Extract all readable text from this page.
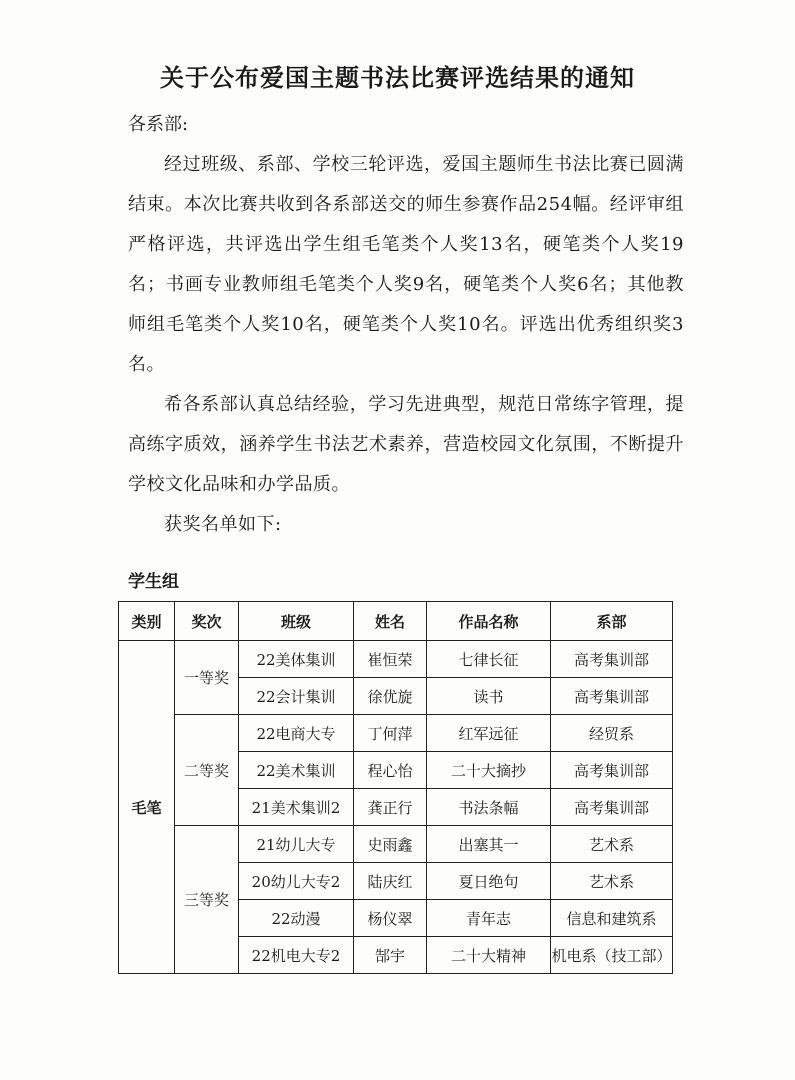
关于公布爱国主题书法比赛评选结果的通知
各系部:

经过班级、系部、学校三轮评选，爱国主题师生书法比赛已圆满结束。本次比赛共收到各系部送交的师生参赛作品254幅。经评审组严格评选，共评选出学生组毛笔类个人奖13名，硬笔类个人奖19名；书画专业教师组毛笔类个人奖9名，硬笔类个人奖6名；其他教师组毛笔类个人奖10名，硬笔类个人奖10名。评选出优秀组织奖3名。

希各系部认真总结经验，学习先进典型，规范日常练字管理，提高练字质效，涵养学生书法艺术素养，营造校园文化氛围，不断提升学校文化品味和办学品质。

获奖名单如下:

学生组
类别	奖次	班级	姓名	作品名称	系部
毛笔	一等奖	22美体集训	崔恒荣	七律长征	高考集训部
		22会计集训	徐优旋	读书	高考集训部
	二等奖	22电商大专	丁何萍	红军远征	经贸系
		22美术集训	程心怡	二十大摘抄	高考集训部
		21美术集训2	龚正行	书法条幅	高考集训部
	三等奖	21幼儿大专	史雨鑫	出塞其一	艺术系
		20幼儿大专2	陆庆红	夏日绝句	艺术系
		22动漫	杨仪翠	青年志	信息和建筑系
		22机电大专2	郜宇	二十大精神	机电系（技工部）
